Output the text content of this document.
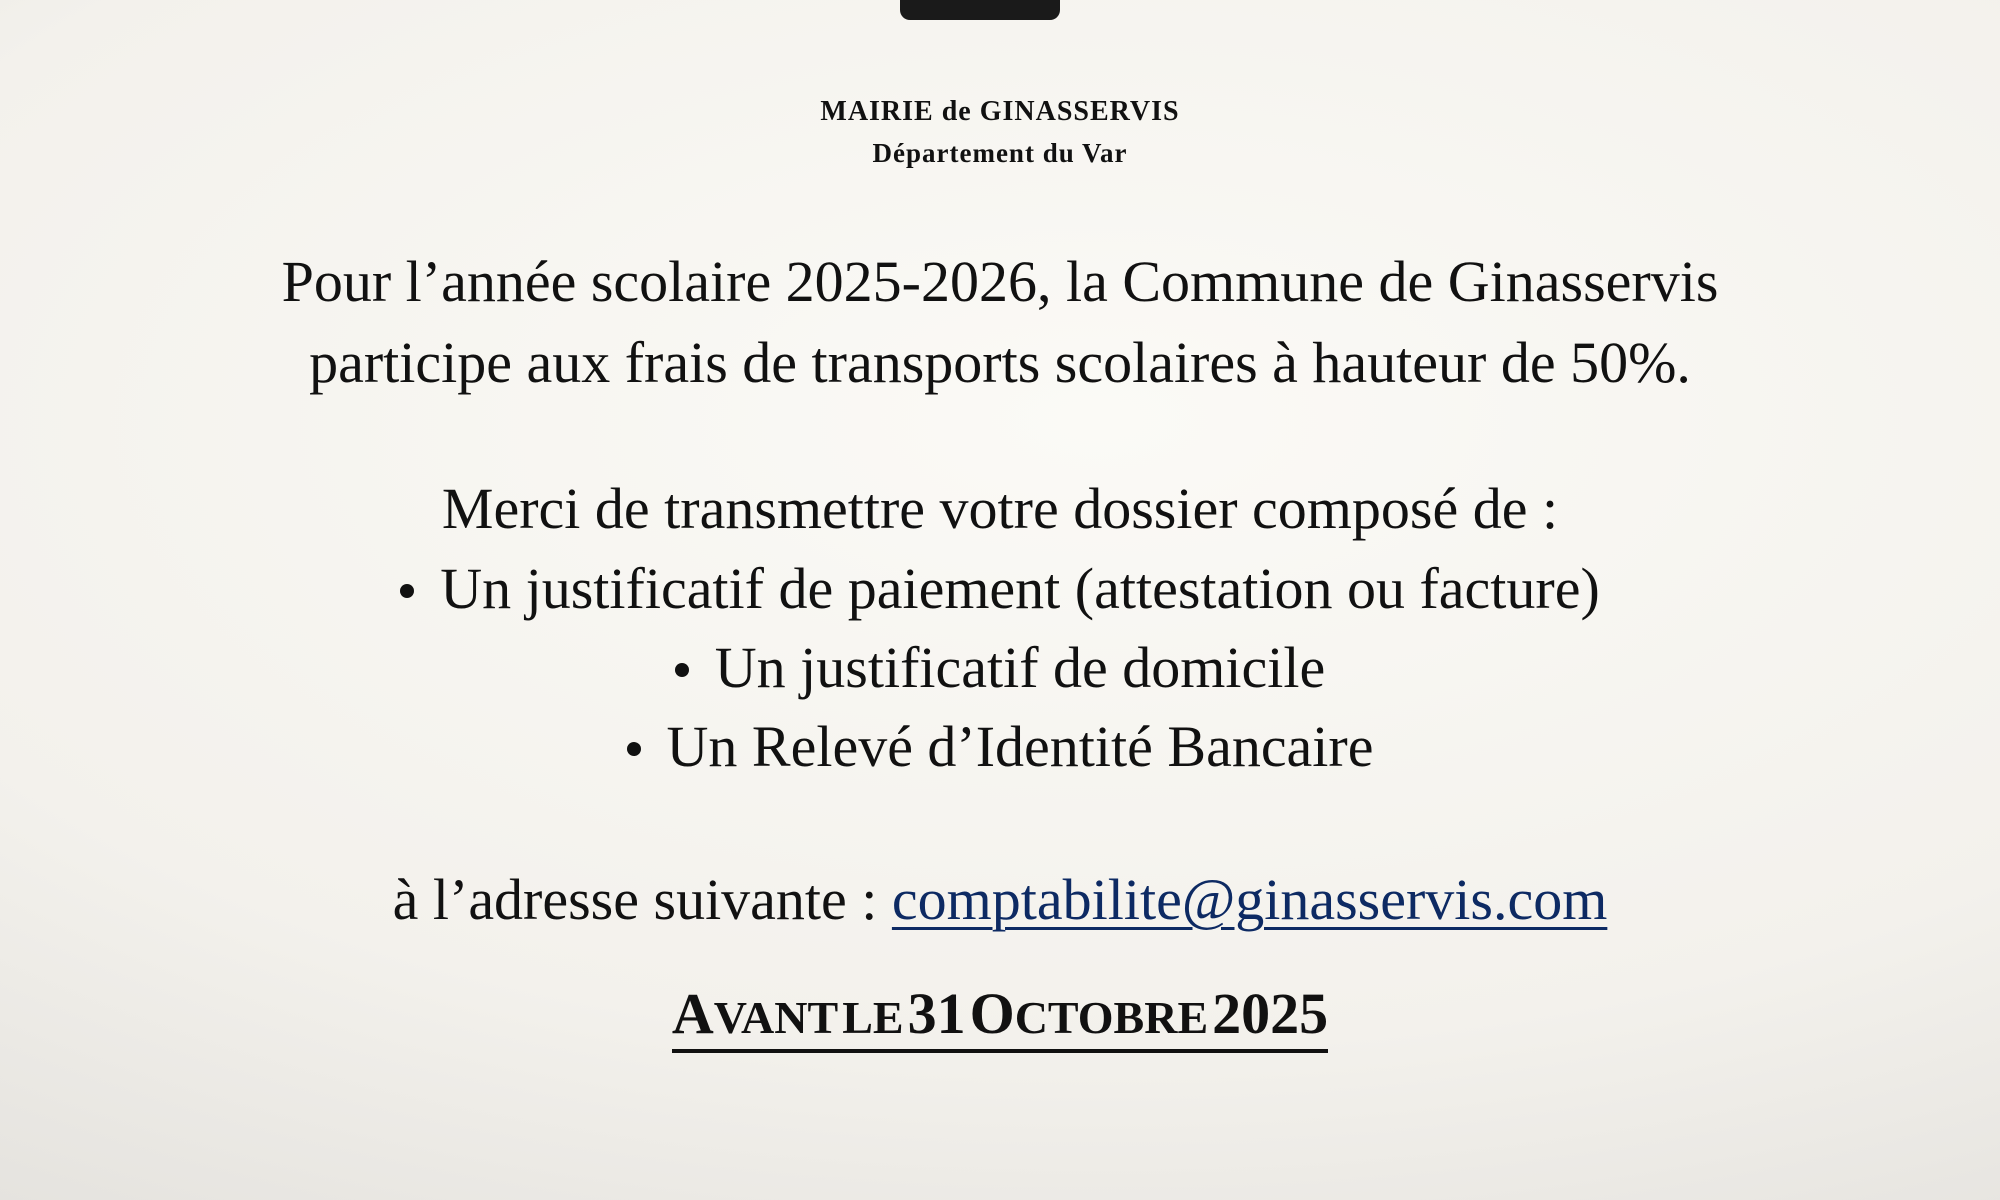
MAIRIE de GINASSERVIS
Département du Var
Pour l’année scolaire 2025-2026, la Commune de Ginasservis
participe aux frais de transports scolaires à hauteur de 50%.
Merci de transmettre votre dossier composé de :
Un justificatif de paiement (attestation ou facture)
Un justificatif de domicile
Un Relevé d’Identité Bancaire
à l’adresse suivante : comptabilite@ginasservis.com
AVANT LE 31 OCTOBRE 2025
